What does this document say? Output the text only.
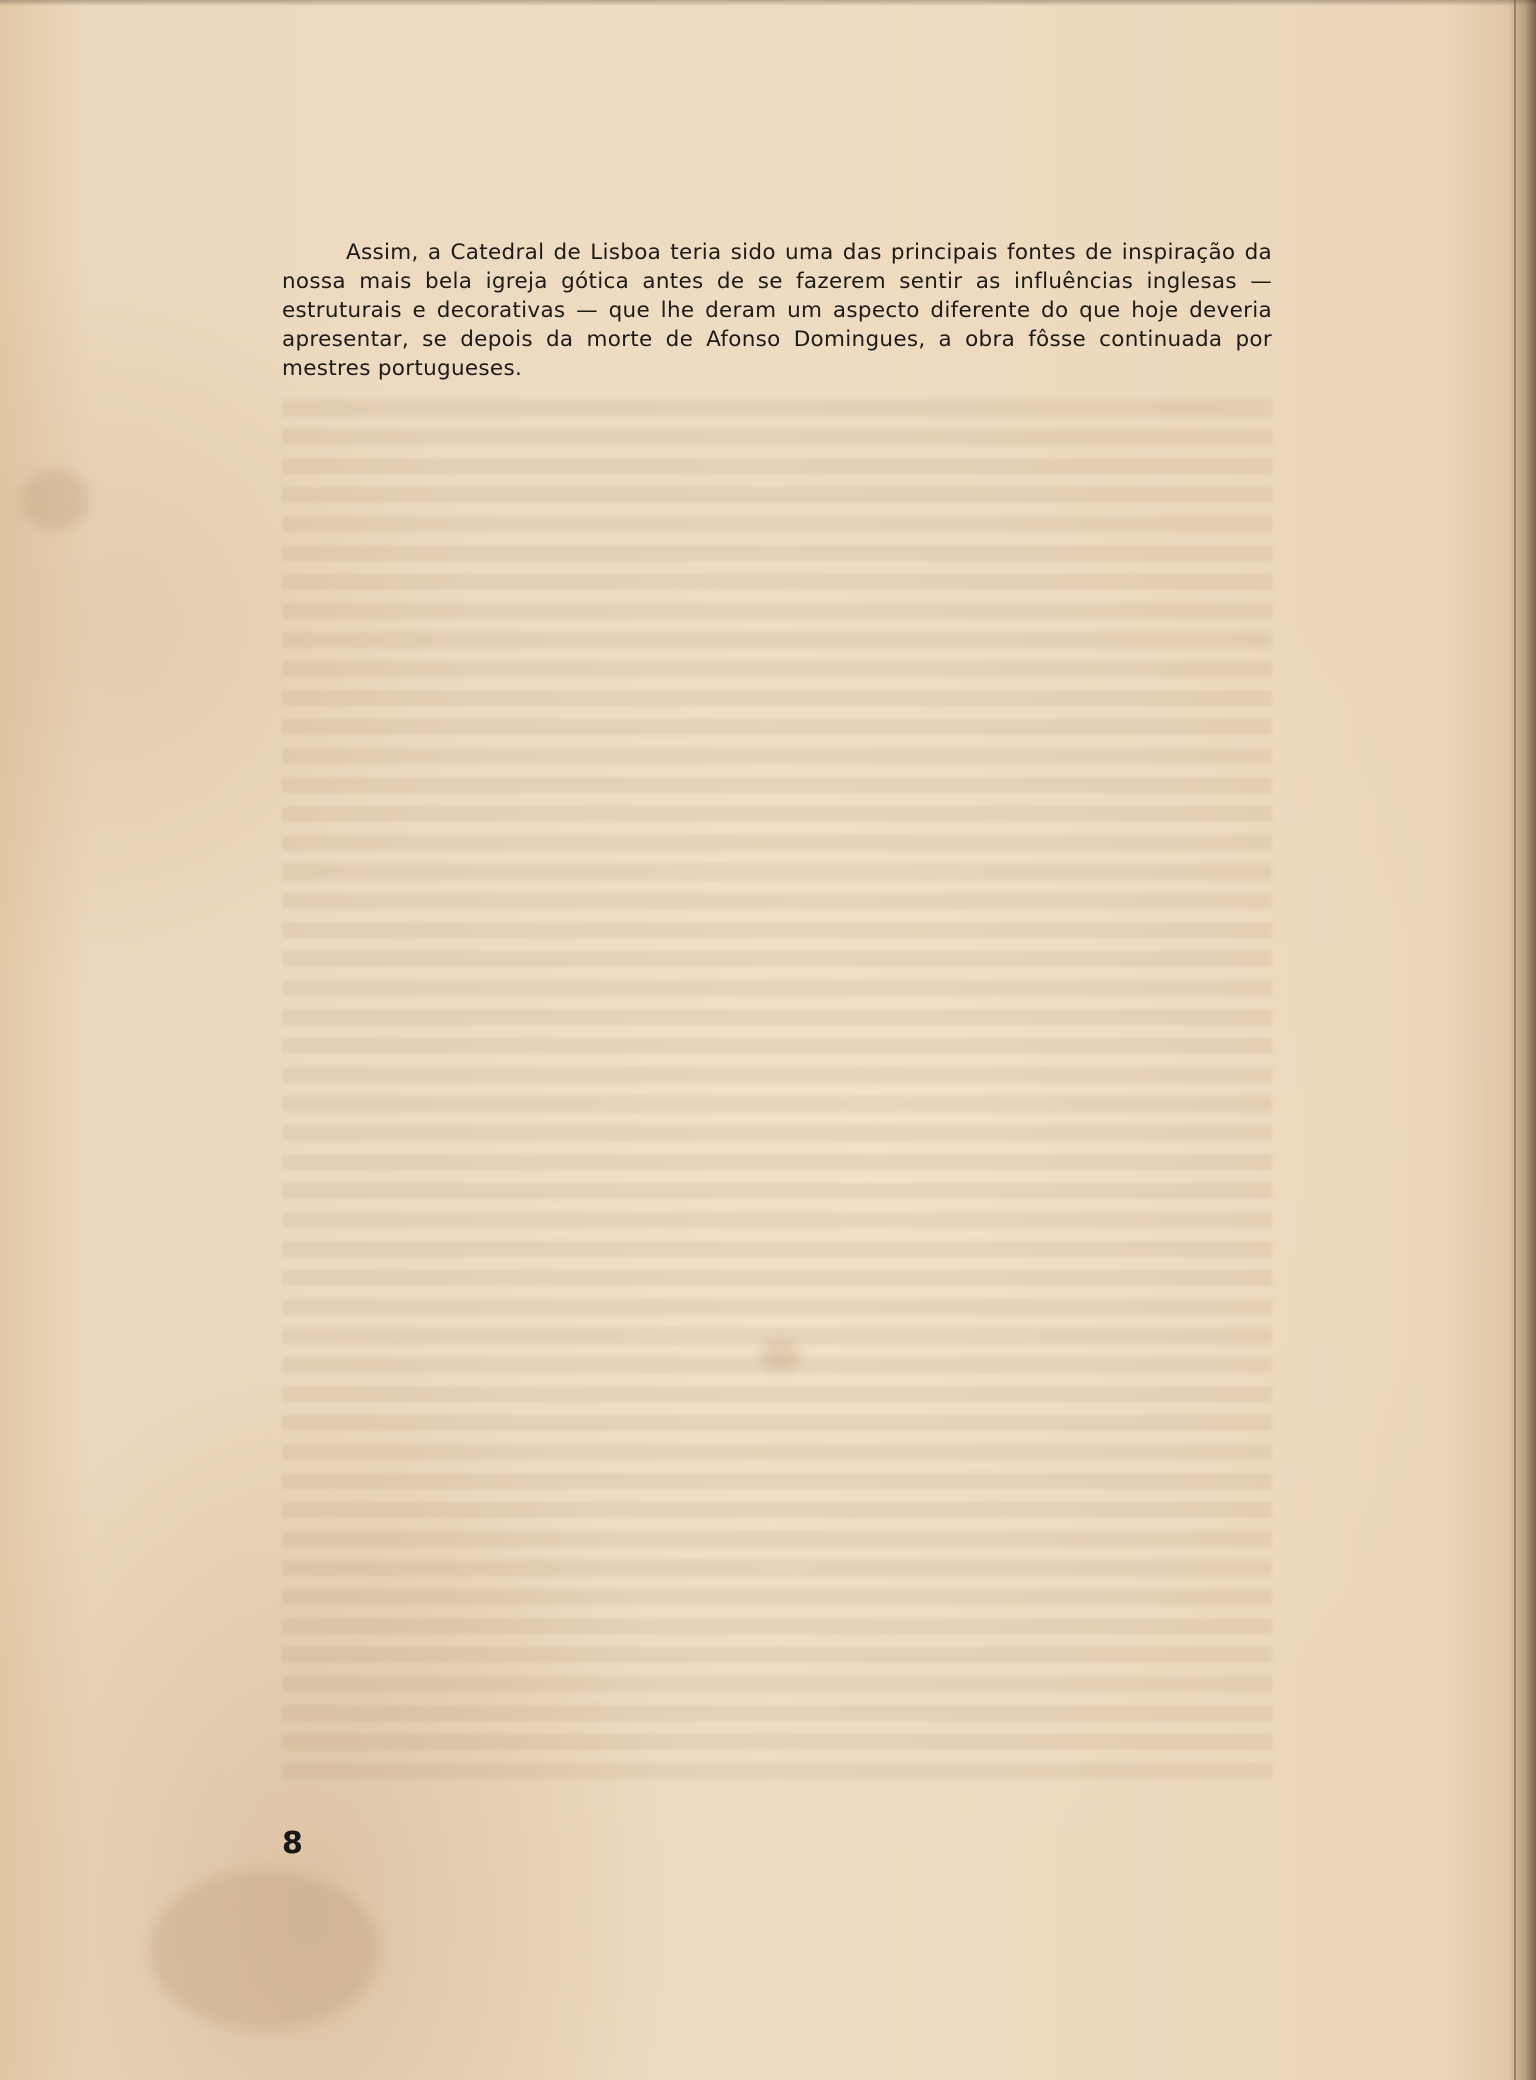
Assim, a Catedral de Lisboa teria sido uma das principais fontes de inspiração da nossa mais bela igreja gótica antes de se fazerem sentir as influências inglesas — estruturais e decorativas — que lhe deram um aspecto diferente do que hoje deveria apresentar, se depois da morte de Afonso Domingues, a obra fôsse continuada por mestres portugueses.

8
